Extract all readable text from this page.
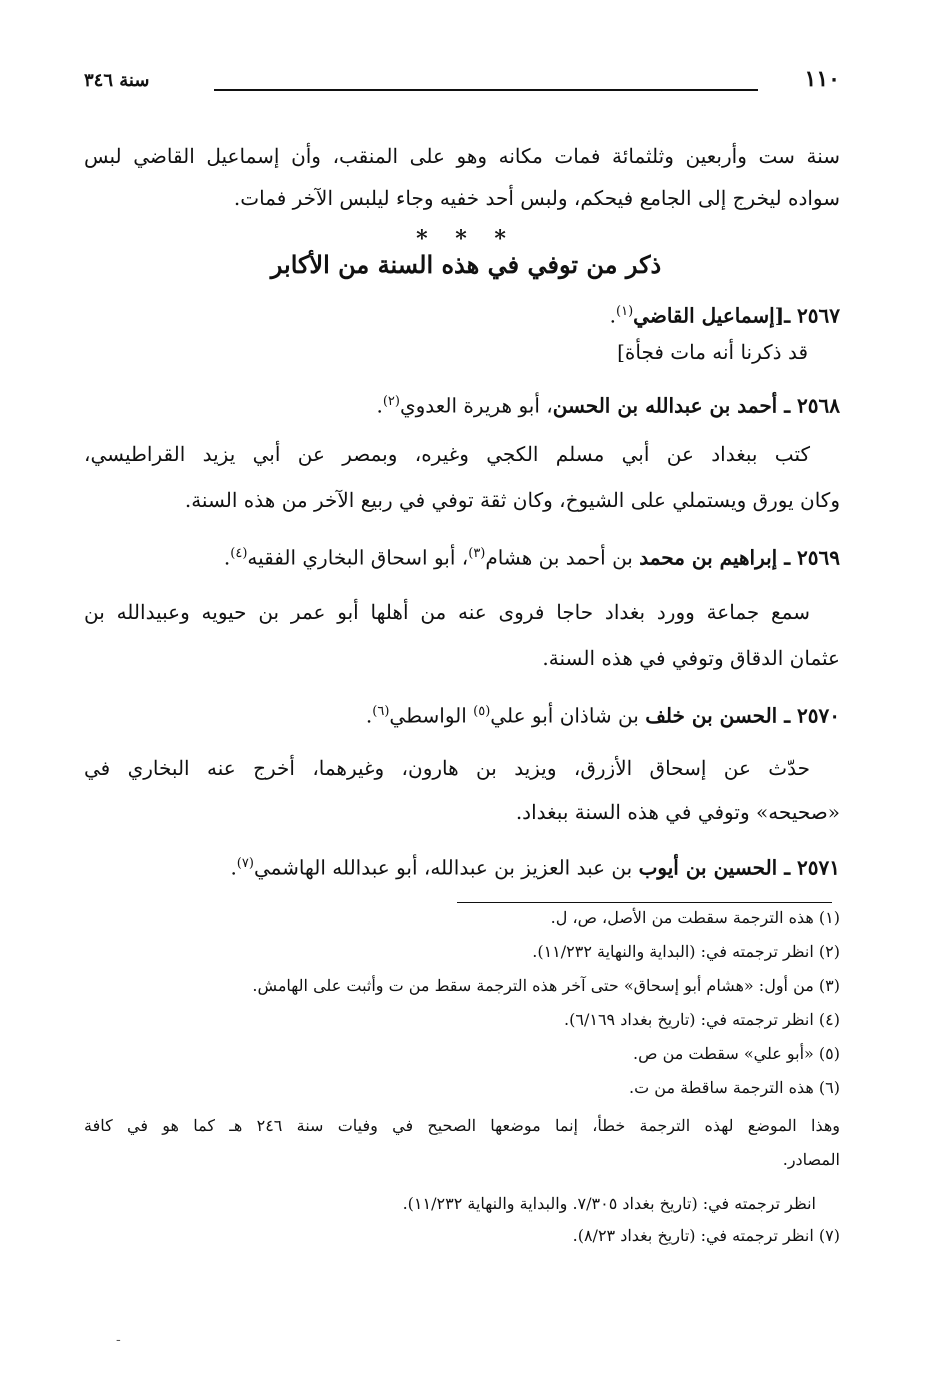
١١٠
سنة ٣٤٦
سنة ست وأربعين وثلثمائة فمات مكانه وهو على المنقب، وأن إسماعيل القاضي لبس
سواده ليخرج إلى الجامع فيحكم، ولبس أحد خفيه وجاء ليلبس الآخر فمات.
* * *
ذكر من توفي في هذه السنة من الأكابر
٢٥٦٧ ـ[إسماعيل القاضي$^{(١)}$.
قد ذكرنا أنه مات فجأة]
٢٥٦٨ ـ أحمد بن عبدالله بن الحسن، أبو هريرة العدوي$^{(٢)}$.
كتب ببغداد عن أبي مسلم الكجي وغيره، وبمصر عن أبي يزيد القراطيسي،
وكان يورق ويستملي على الشيوخ، وكان ثقة توفي في ربيع الآخر من هذه السنة.
٢٥٦٩ ـ إبراهيم بن محمد بن أحمد بن هشام$^{(٣)}$، أبو اسحاق البخاري الفقيه$^{(٤)}$.
سمع جماعة وورد بغداد حاجا فروى عنه من أهلها أبو عمر بن حيويه وعبيدالله بن
عثمان الدقاق وتوفي في هذه السنة.
٢٥٧٠ ـ الحسن بن خلف بن شاذان أبو علي$^{(٥)}$ الواسطي$^{(٦)}$.
حدّث عن إسحاق الأزرق، ويزيد بن هارون، وغيرهما، أخرج عنه البخاري في
«صحيحه» وتوفي في هذه السنة ببغداد.
٢٥٧١ ـ الحسين بن أيوب بن عبد العزيز بن عبدالله، أبو عبدالله الهاشمي$^{(٧)}$.
(١) هذه الترجمة سقطت من الأصل، ص، ل.
(٢) انظر ترجمته في: (البداية والنهاية ١١/٢٣٢).
(٣) من أول: «هشام أبو إسحاق» حتى آخر هذه الترجمة سقط من ت وأثبت على الهامش.
(٤) انظر ترجمته في: (تاريخ بغداد ٦/١٦٩).
(٥) «أبو علي» سقطت من ص.
(٦) هذه الترجمة ساقطة من ت.
وهذا الموضع لهذه الترجمة خطأ، إنما موضعها الصحيح في وفيات سنة ٢٤٦ هـ كما هو في كافة
المصادر.
انظر ترجمته في: (تاريخ بغداد ٧/٣٠٥. والبداية والنهاية ١١/٢٣٢).
(٧) انظر ترجمته في: (تاريخ بغداد ٨/٢٣).
-
